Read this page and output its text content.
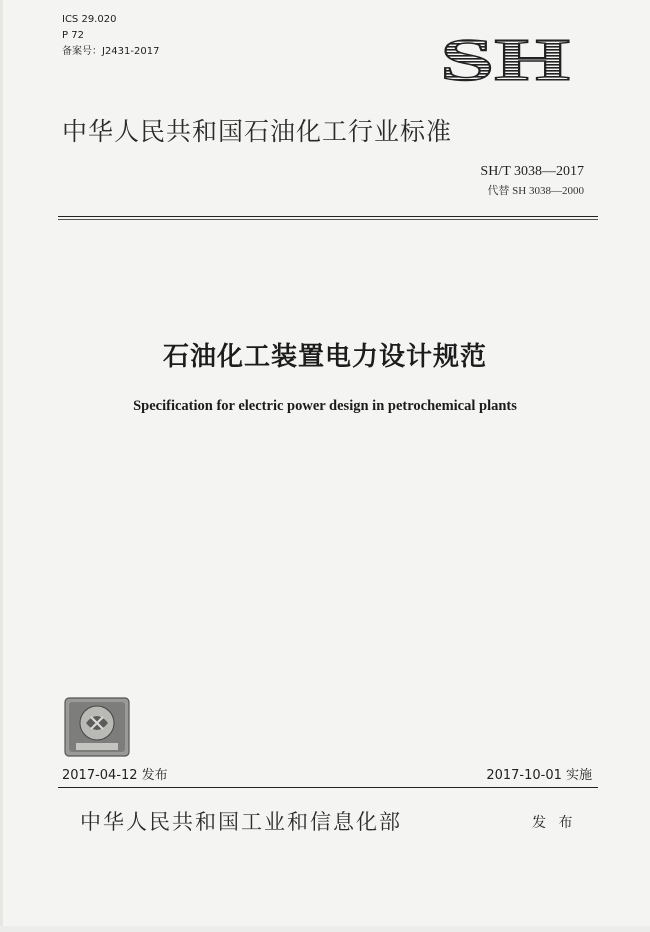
ICS 29.020
P 72
备案号：J2431-2017	SH
中华人民共和国石油化工行业标准
SH/T 3038—2017
代替 SH 3038—2000
石油化工装置电力设计规范
Specification for electric power design in petrochemical plants
2017-04-12 发布	2017-10-01 实施
中华人民共和国工业和信息化部	发 布
